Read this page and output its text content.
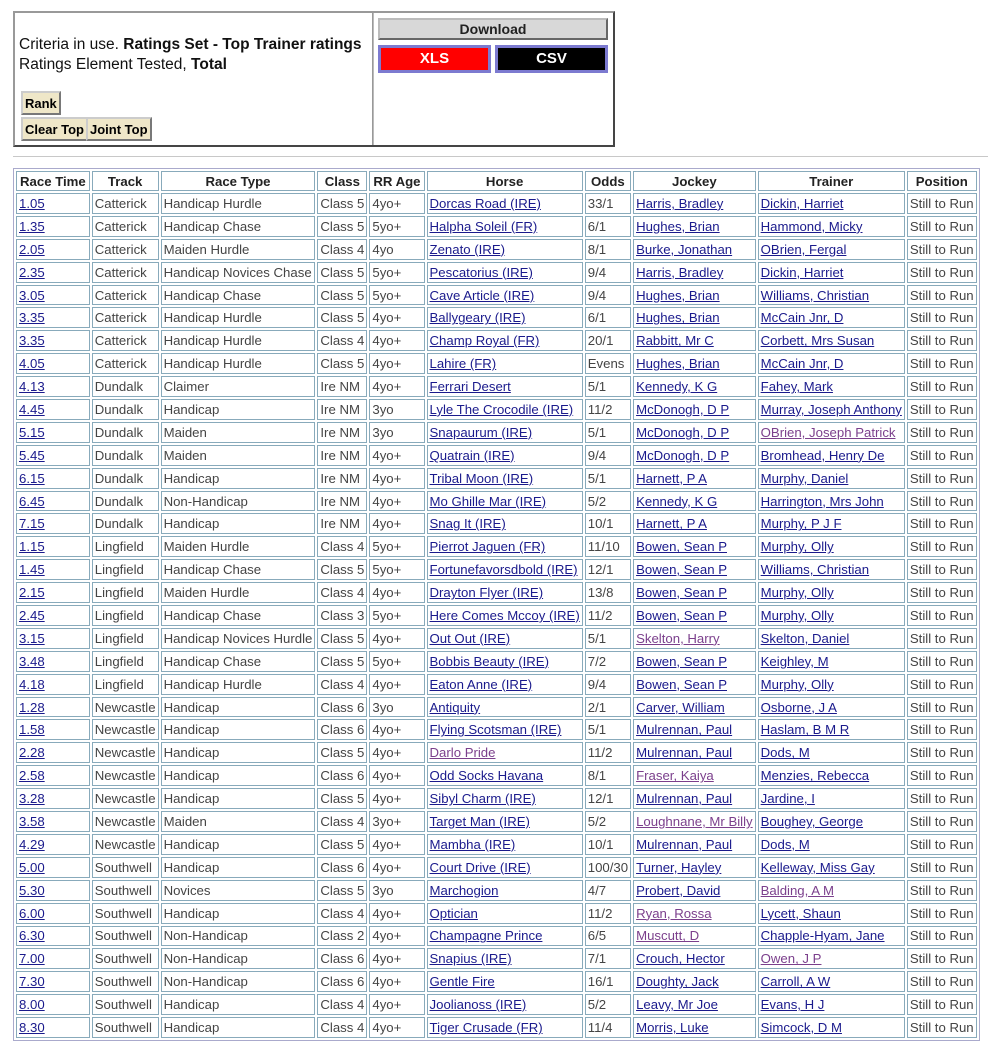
Criteria in use. Ratings Set - Top Trainer ratings
Ratings Element Tested, Total
Rank
Clear Top Joint Top
Download
XLS	CSV
Race Time	Track	Race Type	Class	RR Age	Horse	Odds	Jockey	Trainer	Position
1.05	Catterick	Handicap Hurdle	Class 5	4yo+	Dorcas Road (IRE)	33/1	Harris, Bradley	Dickin, Harriet	Still to Run
1.35	Catterick	Handicap Chase	Class 5	5yo+	Halpha Soleil (FR)	6/1	Hughes, Brian	Hammond, Micky	Still to Run
2.05	Catterick	Maiden Hurdle	Class 4	4yo	Zenato (IRE)	8/1	Burke, Jonathan	OBrien, Fergal	Still to Run
2.35	Catterick	Handicap Novices Chase	Class 5	5yo+	Pescatorius (IRE)	9/4	Harris, Bradley	Dickin, Harriet	Still to Run
3.05	Catterick	Handicap Chase	Class 5	5yo+	Cave Article (IRE)	9/4	Hughes, Brian	Williams, Christian	Still to Run
3.35	Catterick	Handicap Hurdle	Class 5	4yo+	Ballygeary (IRE)	6/1	Hughes, Brian	McCain Jnr, D	Still to Run
3.35	Catterick	Handicap Hurdle	Class 4	4yo+	Champ Royal (FR)	20/1	Rabbitt, Mr C	Corbett, Mrs Susan	Still to Run
4.05	Catterick	Handicap Hurdle	Class 5	4yo+	Lahire (FR)	Evens	Hughes, Brian	McCain Jnr, D	Still to Run
4.13	Dundalk	Claimer	Ire NM	4yo+	Ferrari Desert	5/1	Kennedy, K G	Fahey, Mark	Still to Run
4.45	Dundalk	Handicap	Ire NM	3yo	Lyle The Crocodile (IRE)	11/2	McDonogh, D P	Murray, Joseph Anthony	Still to Run
5.15	Dundalk	Maiden	Ire NM	3yo	Snapaurum (IRE)	5/1	McDonogh, D P	OBrien, Joseph Patrick	Still to Run
5.45	Dundalk	Maiden	Ire NM	4yo+	Quatrain (IRE)	9/4	McDonogh, D P	Bromhead, Henry De	Still to Run
6.15	Dundalk	Handicap	Ire NM	4yo+	Tribal Moon (IRE)	5/1	Harnett, P A	Murphy, Daniel	Still to Run
6.45	Dundalk	Non-Handicap	Ire NM	4yo+	Mo Ghille Mar (IRE)	5/2	Kennedy, K G	Harrington, Mrs John	Still to Run
7.15	Dundalk	Handicap	Ire NM	4yo+	Snag It (IRE)	10/1	Harnett, P A	Murphy, P J F	Still to Run
1.15	Lingfield	Maiden Hurdle	Class 4	5yo+	Pierrot Jaguen (FR)	11/10	Bowen, Sean P	Murphy, Olly	Still to Run
1.45	Lingfield	Handicap Chase	Class 5	5yo+	Fortunefavorsdbold (IRE)	12/1	Bowen, Sean P	Williams, Christian	Still to Run
2.15	Lingfield	Maiden Hurdle	Class 4	4yo+	Drayton Flyer (IRE)	13/8	Bowen, Sean P	Murphy, Olly	Still to Run
2.45	Lingfield	Handicap Chase	Class 3	5yo+	Here Comes Mccoy (IRE)	11/2	Bowen, Sean P	Murphy, Olly	Still to Run
3.15	Lingfield	Handicap Novices Hurdle	Class 5	4yo+	Out Out (IRE)	5/1	Skelton, Harry	Skelton, Daniel	Still to Run
3.48	Lingfield	Handicap Chase	Class 5	5yo+	Bobbis Beauty (IRE)	7/2	Bowen, Sean P	Keighley, M	Still to Run
4.18	Lingfield	Handicap Hurdle	Class 4	4yo+	Eaton Anne (IRE)	9/4	Bowen, Sean P	Murphy, Olly	Still to Run
1.28	Newcastle	Handicap	Class 6	3yo	Antiquity	2/1	Carver, William	Osborne, J A	Still to Run
1.58	Newcastle	Handicap	Class 6	4yo+	Flying Scotsman (IRE)	5/1	Mulrennan, Paul	Haslam, B M R	Still to Run
2.28	Newcastle	Handicap	Class 5	4yo+	Darlo Pride	11/2	Mulrennan, Paul	Dods, M	Still to Run
2.58	Newcastle	Handicap	Class 6	4yo+	Odd Socks Havana	8/1	Fraser, Kaiya	Menzies, Rebecca	Still to Run
3.28	Newcastle	Handicap	Class 5	4yo+	Sibyl Charm (IRE)	12/1	Mulrennan, Paul	Jardine, I	Still to Run
3.58	Newcastle	Maiden	Class 4	3yo+	Target Man (IRE)	5/2	Loughnane, Mr Billy	Boughey, George	Still to Run
4.29	Newcastle	Handicap	Class 5	4yo+	Mambha (IRE)	10/1	Mulrennan, Paul	Dods, M	Still to Run
5.00	Southwell	Handicap	Class 6	4yo+	Court Drive (IRE)	100/30	Turner, Hayley	Kelleway, Miss Gay	Still to Run
5.30	Southwell	Novices	Class 5	3yo	Marchogion	4/7	Probert, David	Balding, A M	Still to Run
6.00	Southwell	Handicap	Class 4	4yo+	Optician	11/2	Ryan, Rossa	Lycett, Shaun	Still to Run
6.30	Southwell	Non-Handicap	Class 2	4yo+	Champagne Prince	6/5	Muscutt, D	Chapple-Hyam, Jane	Still to Run
7.00	Southwell	Non-Handicap	Class 6	4yo+	Snapius (IRE)	7/1	Crouch, Hector	Owen, J P	Still to Run
7.30	Southwell	Non-Handicap	Class 6	4yo+	Gentle Fire	16/1	Doughty, Jack	Carroll, A W	Still to Run
8.00	Southwell	Handicap	Class 4	4yo+	Joolianoss (IRE)	5/2	Leavy, Mr Joe	Evans, H J	Still to Run
8.30	Southwell	Handicap	Class 4	4yo+	Tiger Crusade (FR)	11/4	Morris, Luke	Simcock, D M	Still to Run
